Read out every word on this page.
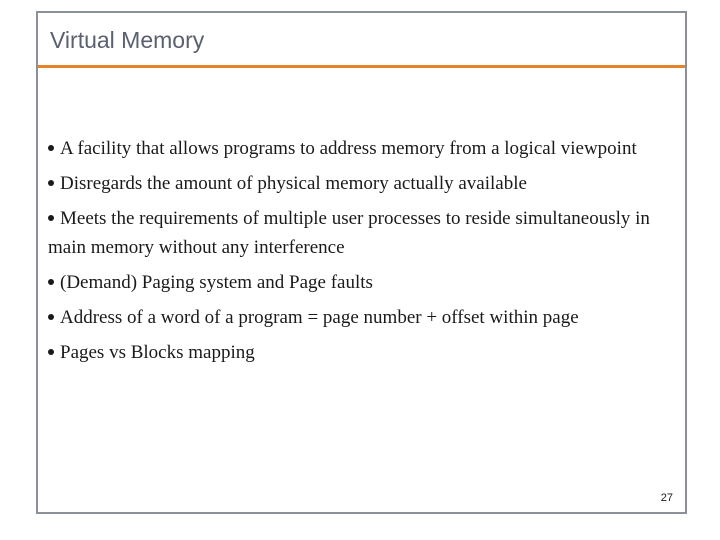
Virtual Memory
A facility that allows programs to address memory from a logical viewpoint
Disregards the amount of physical memory actually available
Meets the requirements of multiple user processes to reside simultaneously in main memory without any interference
(Demand) Paging system and Page faults
Address of a word of a program = page number + offset within page
Pages vs Blocks mapping
27
